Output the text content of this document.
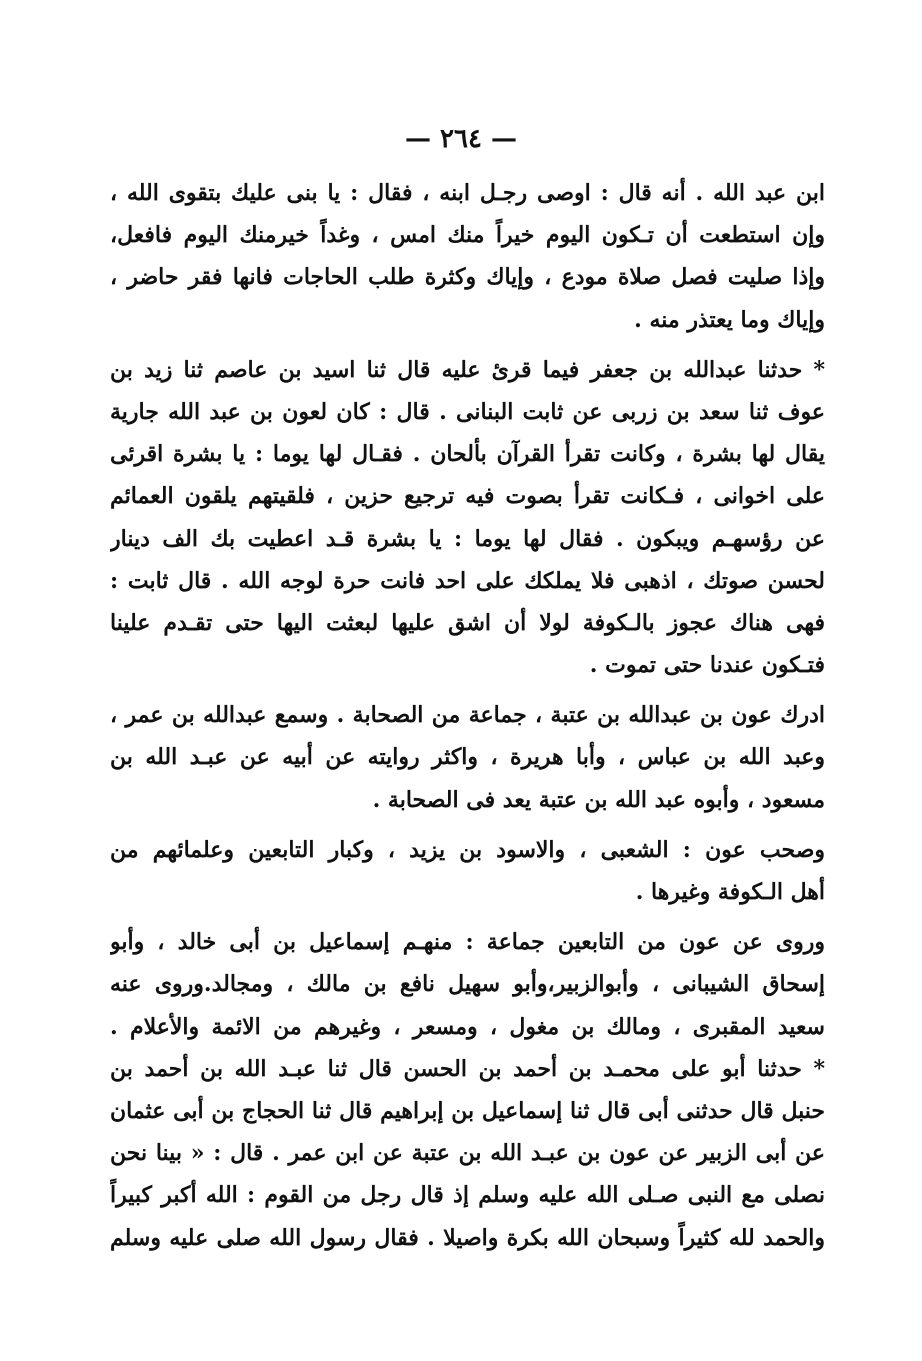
— ٢٦٤ —
ابن عبد الله . أنه قال : اوصى رجـل ابنه ، فقال : يا بنى عليك بتقوى الله ،
وإن استطعت أن تـكون اليوم خيراً منك امس ، وغداً خيرمنك اليوم فافعل،
وإذا صليت فصل صلاة مودع ، وإياك وكثرة طلب الحاجات فانها فقر حاضر ،
وإياك وما يعتذر منه .
* حدثنا عبدالله بن جعفر فيما قرئ عليه قال ثنا اسيد بن عاصم ثنا زيد بن
عوف ثنا سعد بن زربى عن ثابت البنانى . قال : كان لعون بن عبد الله جارية
يقال لها بشرة ، وكانت تقرأ القرآن بألحان . فقـال لها يوما : يا بشرة اقرئى
على اخوانى ، فـكانت تقرأ بصوت فيه ترجيع حزين ، فلقيتهم يلقون العمائم
عن رؤسهـم ويبكون . فقال لها يوما : يا بشرة قـد اعطيت بك الف دينار
لحسن صوتك ، اذهبى فلا يملكك على احد فانت حرة لوجه الله . قال ثابت :
فهى هناك عجوز بالـكوفة لولا أن اشق عليها لبعثت اليها حتى تقـدم علينا
فتـكون عندنا حتى تموت .
ادرك عون بن عبدالله بن عتبة ، جماعة من الصحابة . وسمع عبدالله بن عمر ،
وعبد الله بن عباس ، وأبا هريرة ، واكثر روايته عن أبيه عن عبـد الله بن
مسعود ، وأبوه عبد الله بن عتبة يعد فى الصحابة .
وصحب عون : الشعبى ، والاسود بن يزيد ، وكبار التابعين وعلمائهم من
أهل الـكوفة وغيرها .
وروى عن عون من التابعين جماعة : منهـم إسماعيل بن أبى خالد ، وأبو
إسحاق الشيبانى ، وأبوالزبير،وأبو سهيل نافع بن مالك ، ومجالد.وروى عنه
سعيد المقبرى ، ومالك بن مغول ، ومسعر ، وغيرهم من الائمة والأعلام .
* حدثنا أبو على محمـد بن أحمد بن الحسن قال ثنا عبـد الله بن أحمد بن
حنبل قال حدثنى أبى قال ثنا إسماعيل بن إبراهيم قال ثنا الحجاج بن أبى عثمان
عن أبى الزبير عن عون بن عبـد الله بن عتبة عن ابن عمر . قال : « بينا نحن
نصلى مع النبى صـلى الله عليه وسلم إذ قال رجل من القوم : الله أكبر كبيراً
والحمد لله كثيراً وسبحان الله بكرة واصيلا . فقال رسول الله صلى عليه وسلم
